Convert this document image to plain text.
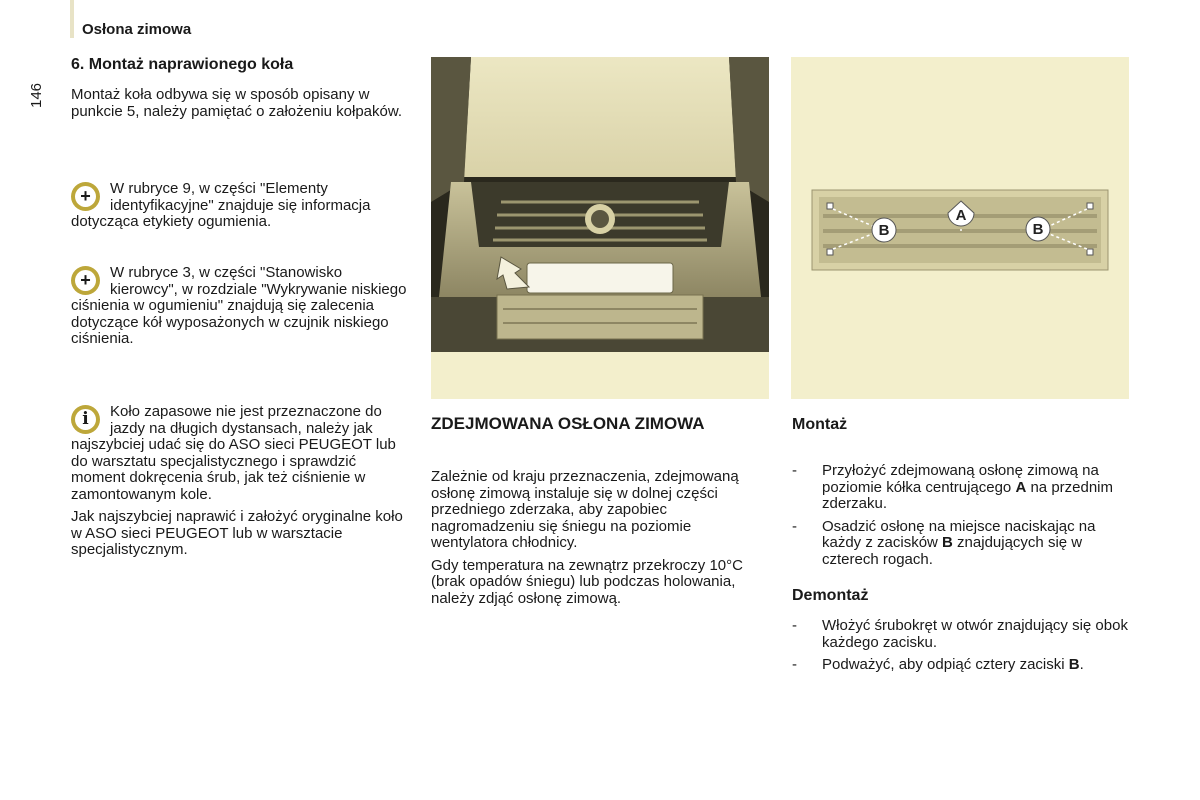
Osłona zimowa
146
6. Montaż naprawionego koła
Montaż koła odbywa się w sposób opisany w punkcie 5, należy pamiętać o założeniu kołpaków.
+	W rubryce 9, w części "Elementy identyfikacyjne" znajduje się informacja dotycząca etykiety ogumienia.
+	W rubryce 3, w części "Stanowisko kierowcy", w rozdziale "Wykrywanie niskiego ciśnienia w ogumieniu" znajdują się zalecenia dotyczące kół wyposażonych w czujnik niskiego ciśnienia.
i	Koło zapasowe nie jest przeznaczone do jazdy na długich dystansach, należy jak najszybciej udać się do ASO sieci PEUGEOT lub do warsztatu specjalistycznego i sprawdzić moment dokręcenia śrub, jak też ciśnienie w zamontowanym kole.
Jak najszybciej naprawić i założyć oryginalne koło w ASO sieci PEUGEOT lub w warsztacie specjalistycznym.
ZDEJMOWANA OSŁONA ZIMOWA

Zależnie od kraju przeznaczenia, zdejmowaną osłonę zimową instaluje się w dolnej części przedniego zderzaka, aby zapobiec nagromadzeniu się śniegu na poziomie wentylatora chłodnicy.

Gdy temperatura na zewnątrz przekroczy 10°C (brak opadów śniegu) lub podczas holowania, należy zdjąć osłonę zimową.

A
B	B
Montaż
- Przyłożyć zdejmowaną osłonę zimową na poziomie kółka centrującego A na przednim zderzaku.
- Osadzić osłonę na miejsce naciskając na każdy z zacisków B znajdujących się w czterech rogach.
Demontaż
- Włożyć śrubokręt w otwór znajdujący się obok każdego zacisku.
- Podważyć, aby odpiąć cztery zaciski B.
